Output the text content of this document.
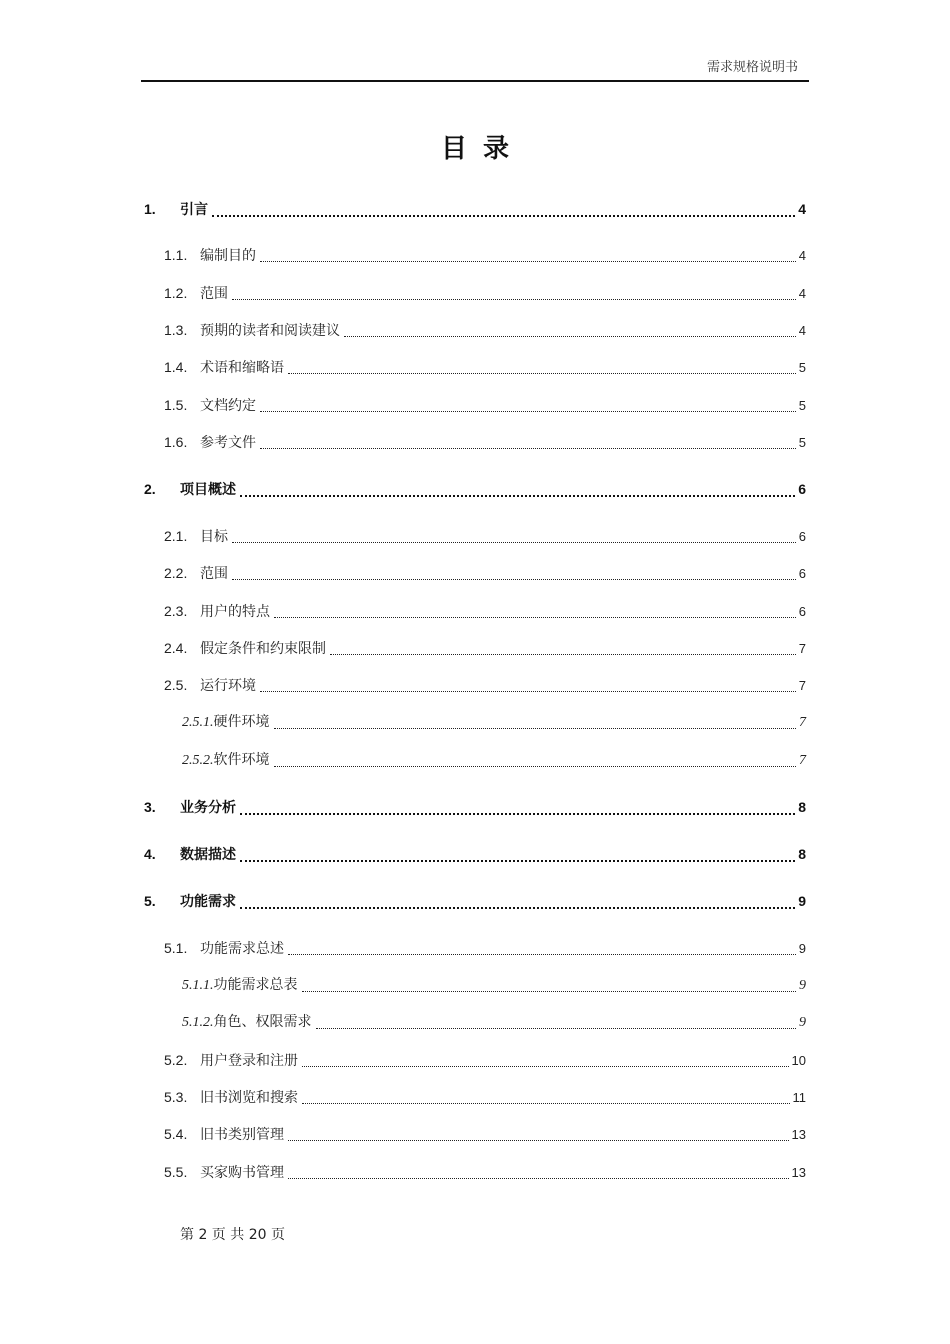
需求规格说明书
目录
1.	引言	4
1.1. 编制目的	4
1.2. 范围	4
1.3. 预期的读者和阅读建议	4
1.4. 术语和缩略语	5
1.5. 文档约定	5
1.6. 参考文件	5
2.	项目概述	6
2.1. 目标	6
2.2. 范围	6
2.3. 用户的特点	6
2.4. 假定条件和约束限制	7
2.5. 运行环境	7
2.5.1. 硬件环境	7
2.5.2. 软件环境	7
3.	业务分析	8
4.	数据描述	8
5.	功能需求	9
5.1. 功能需求总述	9
5.1.1. 功能需求总表	9
5.1.2. 角色、权限需求	9
5.2. 用户登录和注册	10
5.3. 旧书浏览和搜索	11
5.4. 旧书类别管理	13
5.5. 买家购书管理	13
第 2 页 共 20 页
